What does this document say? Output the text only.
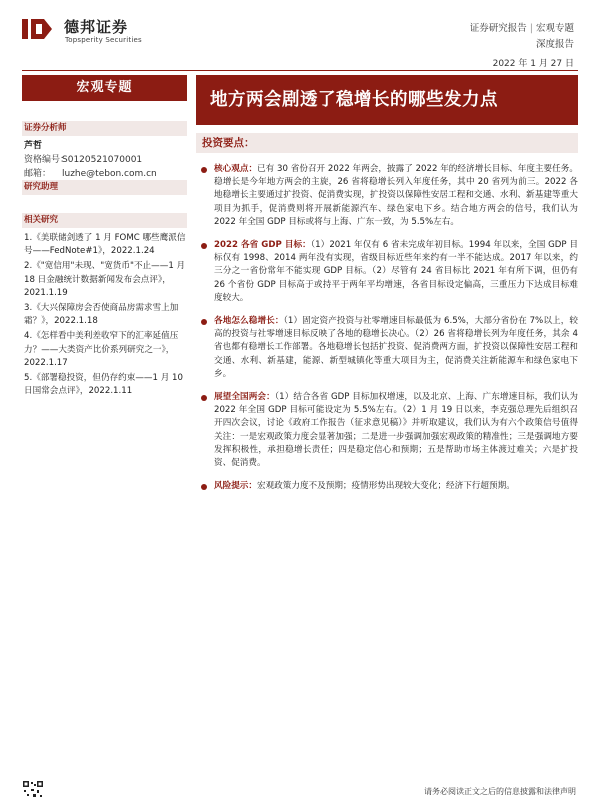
德邦证券
Topsperity Securities
证券研究报告 | 宏观专题
深度报告
2022 年 1 月 27 日
宏观专题
证券分析师
芦哲
资格编号：S0120521070001
邮箱： luzhe@tebon.com.cn
研究助理
相关研究
1.《美联储剑透了 1 月 FOMC 哪些鹰派信号——FedNote#1》，2022.1.24
2.《"宽信用"未现、"宽货币"不止——1 月 18 日金融统计数据新闻发布会点评》，2021.1.19
3.《大兴保障房会否使商品房需求雪上加霜？》，2022.1.18
4.《怎样看中美利差收窄下的汇率延值压力？——大类资产比价系列研究之一》，2022.1.17
5.《部署稳投资，但仍存约束——1 月 10 日国常会点评》，2022.1.11
地方两会剧透了稳增长的哪些发力点
投资要点：

核心观点：已有 30 省份召开 2022 年两会，披露了 2022 年的经济增长目标、年度主要任务。稳增长是今年地方两会的主旋，26 省将稳增长列入年度任务，其中 20 省列为前三。2022 各地稳增长主要通过扩投资、促消费实现，扩投资以保障性安居工程和交通、水利、新基建等重大项目为抓手，促消费则将开展新能源汽车、绿色家电下乡。结合地方两会的信号，我们认为 2022 年全国 GDP 目标或将与上海、广东一致，为 5.5%左右。

2022 各省 GDP 目标：（1）2021 年仅有 6 省未完成年初目标。1994 年以来，全国 GDP 目标仅有 1998、2014 两年没有实现，省级目标近些年来约有一半不能达成。2017 年以来，约三分之一省份常年不能实现 GDP 目标。（2）尽管有 24 省目标比 2021 年有所下调，但仍有 26 个省份 GDP 目标高于或持平于两年平均增速，各省目标设定偏高，三重压力下达成目标难度较大。

各地怎么稳增长：（1）固定资产投资与社零增速目标最低为 6.5%，大部分省份在 7%以上，较高的投资与社零增速目标反映了各地的稳增长决心。（2）26 省将稳增长列为年度任务，其余 4 省也都有稳增长工作部署。各地稳增长包括扩投资、促消费两方面，扩投资以保障性安居工程和交通、水利、新基建，能源、新型城镇化等重大项目为主，促消费关注新能源车和绿色家电下乡。

展望全国两会：（1）结合各省 GDP 目标加权增速，以及北京、上海、广东增速目标，我们认为 2022 年全国 GDP 目标可能设定为 5.5%左右。（2）1 月 19 日以来，李克强总理先后组织召开四次会议，讨论《政府工作报告（征求意见稿）》并听取建议，我们认为有六个政策信号值得关注：一是宏观政策力度会显著加强；二是进一步强调加强宏观政策的精准性；三是强调地方要发挥积极性，承担稳增长责任；四是稳定信心和预期；五是帮助市场主体渡过难关；六是扩投资、促消费。

风险提示：宏观政策力度不及预期；疫情形势出现较大变化；经济下行超预期。

请务必阅读正文之后的信息披露和法律声明
